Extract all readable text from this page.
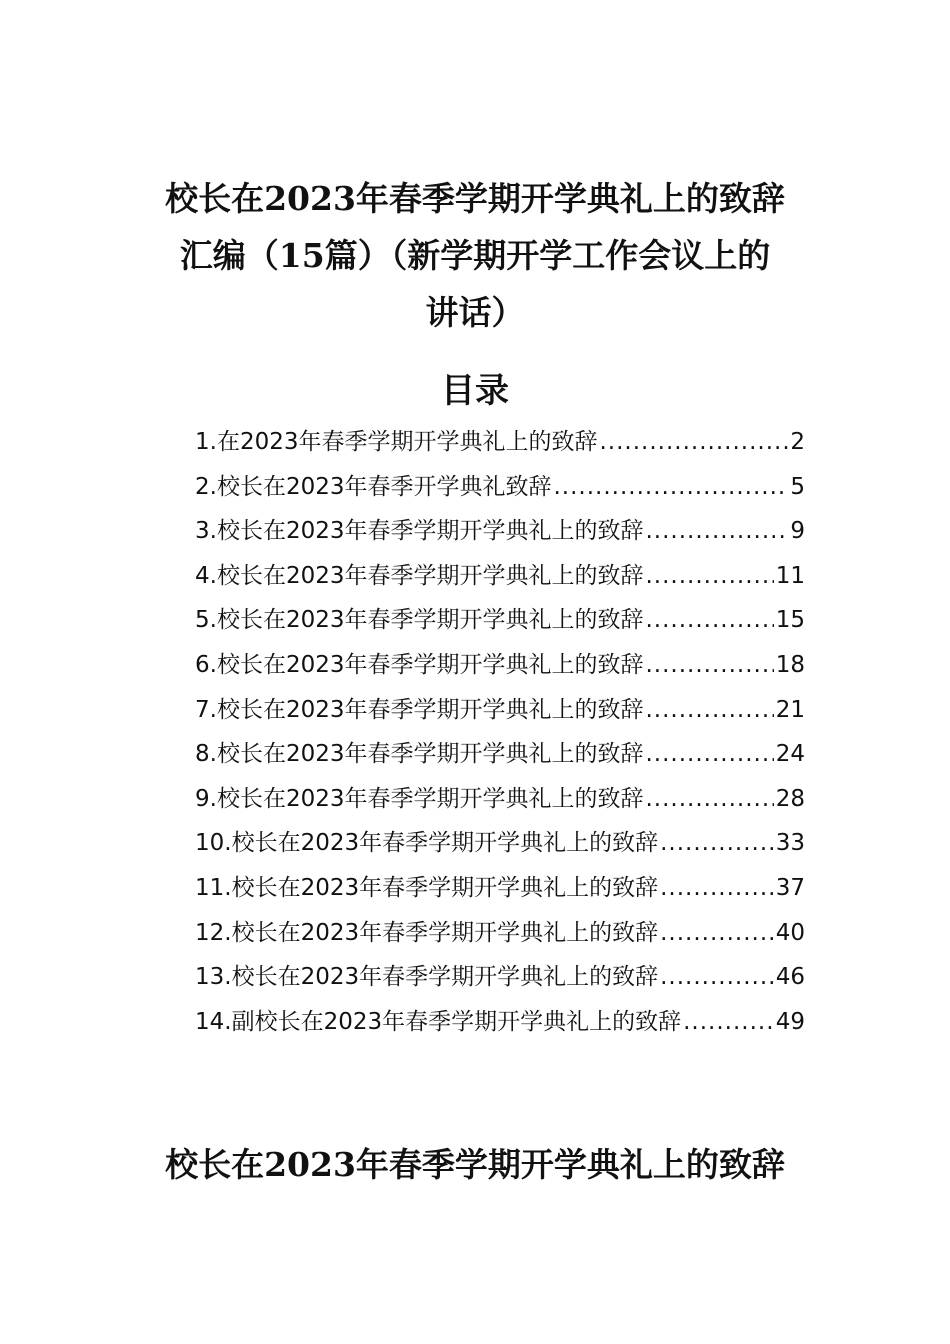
校长在2023年春季学期开学典礼上的致辞
汇编（15篇）（新学期开学工作会议上的
讲话）
目录
1.在2023年春季学期开学典礼上的致辞 .....	2
2.校长在2023年春季开学典礼致辞 .....	5
3.校长在2023年春季学期开学典礼上的致辞 .....	9
4.校长在2023年春季学期开学典礼上的致辞 .....	11
5.校长在2023年春季学期开学典礼上的致辞 .....	15
6.校长在2023年春季学期开学典礼上的致辞 .....	18
7.校长在2023年春季学期开学典礼上的致辞 .....	21
8.校长在2023年春季学期开学典礼上的致辞 .....	24
9.校长在2023年春季学期开学典礼上的致辞 .....	28
10.校长在2023年春季学期开学典礼上的致辞 .....	33
11.校长在2023年春季学期开学典礼上的致辞 .....	37
12.校长在2023年春季学期开学典礼上的致辞 .....	40
13.校长在2023年春季学期开学典礼上的致辞 .....	46
14.副校长在2023年春季学期开学典礼上的致辞 .....	49
校长在2023年春季学期开学典礼上的致辞
